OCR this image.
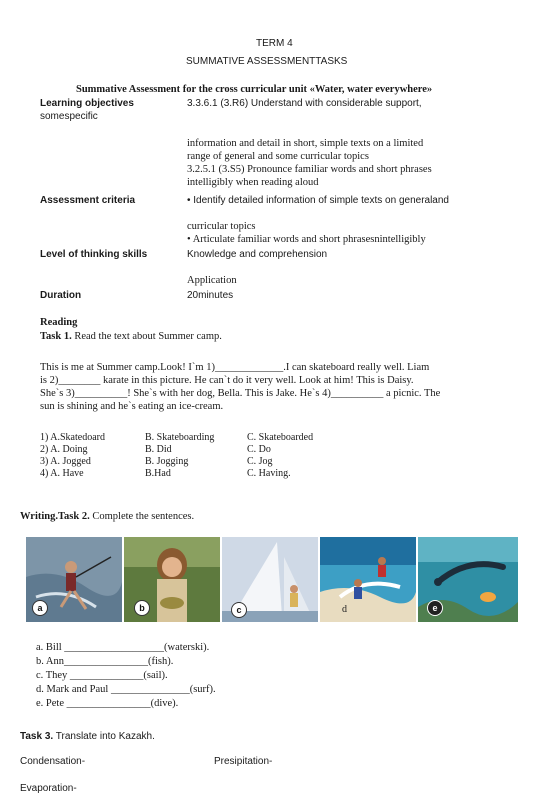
TERM 4
SUMMATIVE ASSESSMENTTASKS
Summative Assessment for the cross curricular unit «Water, water everywhere»
Learning objectives	3.3.6.1 (3.R6) Understand with considerable support,
somespecific
information and detail in short, simple texts on a limited
range of general and some curricular topics
3.2.5.1 (3.S5) Pronounce familiar words and short phrases
intelligibly when reading aloud
Assessment criteria	• Identify detailed information of simple texts on generaland
curricular topics
• Articulate familiar words and short phrasesnintelligibly
Level of thinking skills	Knowledge and comprehension
Application
Duration	20minutes
Reading
Task 1. Read the text about Summer camp.
This is me at Summer camp.Look! I`m 1)_____________.I can skateboard really well. Liam
is 2)________ karate in this picture. He can`t do it very well. Look at him! This is Daisy.
She`s 3)__________! She`s with her dog, Bella. This is Jake. He`s 4)__________ a picnic. The
sun is shining and he`s eating an ice-cream.
1) A.Skatedoard	B. Skateboarding	C. Skateboarded
2) A. Doing	B. Did	C. Do
3) A. Jogged	B. Jogging	C. Jog
4) A. Have	B.Had	C. Having.
Writing.Task 2. Complete the sentences.
a	b	c	d	e
a. Bill ___________________(waterski).
b. Ann________________(fish).
c. They ______________(sail).
d. Mark and Paul _______________(surf).
e. Pete ________________(dive).
Task 3. Translate into Kazakh.
Condensation-	Presipitation-
Evaporation-
